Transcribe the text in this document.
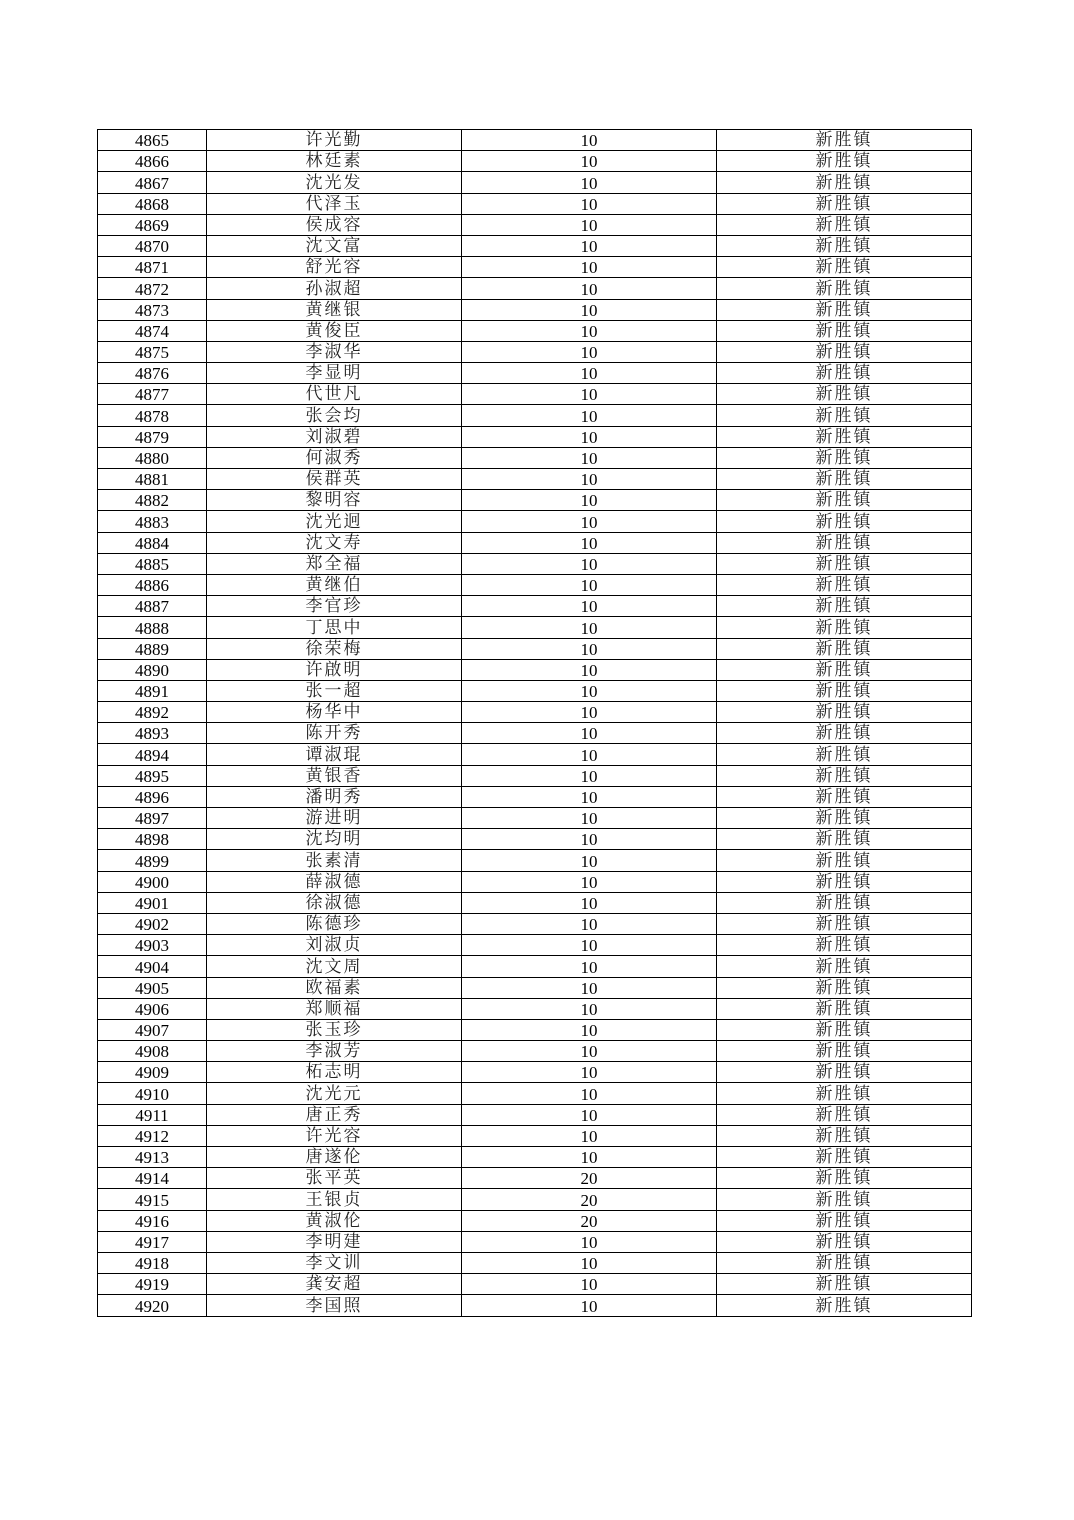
4865	许光勤	10	新胜镇
4866	林廷素	10	新胜镇
4867	沈光发	10	新胜镇
4868	代泽玉	10	新胜镇
4869	侯成容	10	新胜镇
4870	沈文富	10	新胜镇
4871	舒光容	10	新胜镇
4872	孙淑超	10	新胜镇
4873	黄继银	10	新胜镇
4874	黄俊臣	10	新胜镇
4875	李淑华	10	新胜镇
4876	李显明	10	新胜镇
4877	代世凡	10	新胜镇
4878	张会均	10	新胜镇
4879	刘淑碧	10	新胜镇
4880	何淑秀	10	新胜镇
4881	侯群英	10	新胜镇
4882	黎明容	10	新胜镇
4883	沈光迥	10	新胜镇
4884	沈文寿	10	新胜镇
4885	郑全福	10	新胜镇
4886	黄继伯	10	新胜镇
4887	李官珍	10	新胜镇
4888	丁思中	10	新胜镇
4889	徐荣梅	10	新胜镇
4890	许啟明	10	新胜镇
4891	张一超	10	新胜镇
4892	杨华中	10	新胜镇
4893	陈开秀	10	新胜镇
4894	谭淑琨	10	新胜镇
4895	黄银香	10	新胜镇
4896	潘明秀	10	新胜镇
4897	游进明	10	新胜镇
4898	沈均明	10	新胜镇
4899	张素清	10	新胜镇
4900	薛淑德	10	新胜镇
4901	徐淑德	10	新胜镇
4902	陈德珍	10	新胜镇
4903	刘淑贞	10	新胜镇
4904	沈文周	10	新胜镇
4905	欧福素	10	新胜镇
4906	郑顺福	10	新胜镇
4907	张玉珍	10	新胜镇
4908	李淑芳	10	新胜镇
4909	柘志明	10	新胜镇
4910	沈光元	10	新胜镇
4911	唐正秀	10	新胜镇
4912	许光容	10	新胜镇
4913	唐遂伦	10	新胜镇
4914	张平英	20	新胜镇
4915	王银贞	20	新胜镇
4916	黄淑伦	20	新胜镇
4917	李明建	10	新胜镇
4918	李文训	10	新胜镇
4919	龚安超	10	新胜镇
4920	李国照	10	新胜镇
